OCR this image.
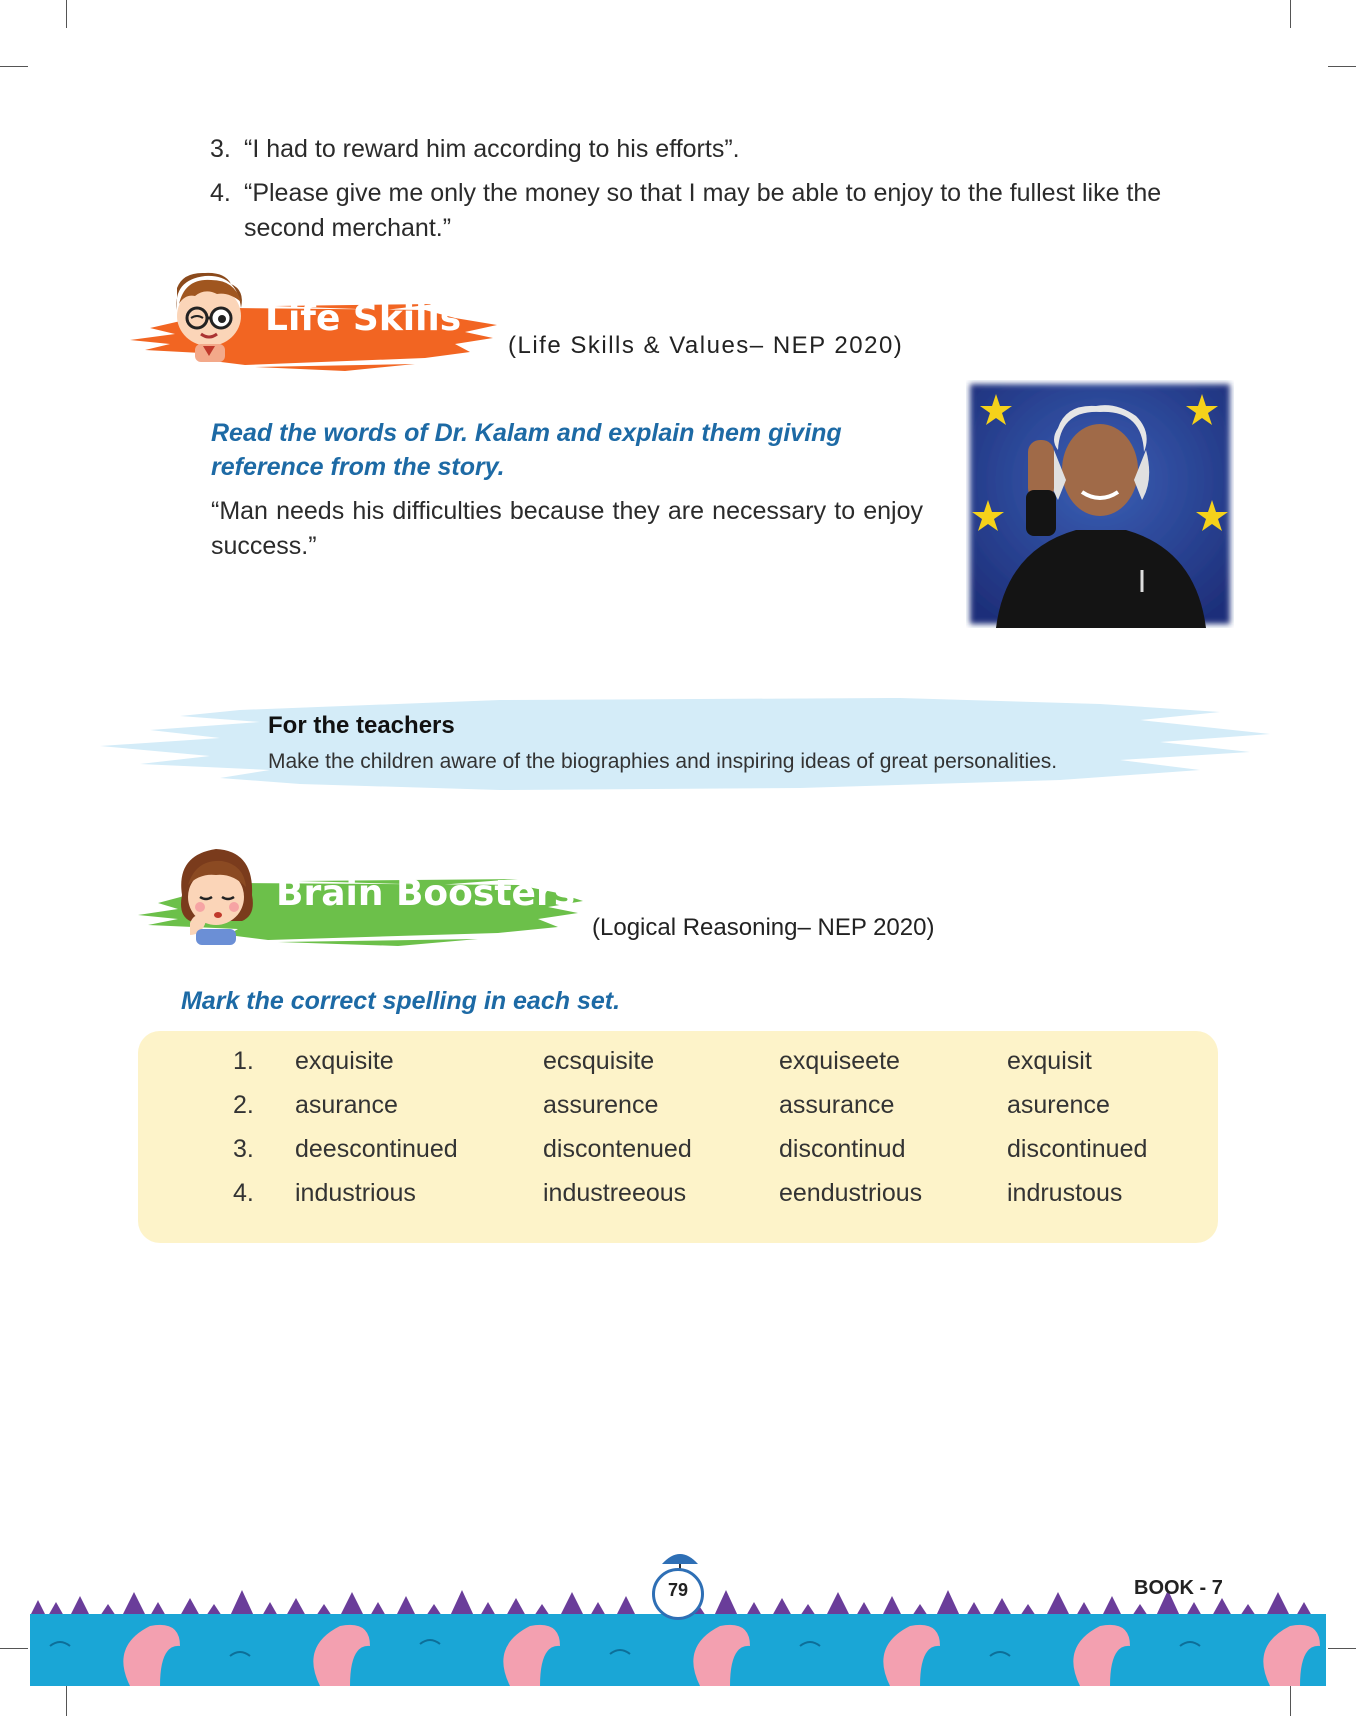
3. “I had to reward him according to his efforts”.
4. “Please give me only the money so that I may be able to enjoy to the fullest like the second merchant.”
Life Skills
(Life Skills & Values– NEP 2020)
Read the words of Dr. Kalam and explain them giving reference from the story.
“Man needs his difficulties because they are necessary to enjoy success.”
For the teachers
Make the children aware of the biographies and inspiring ideas of great personalities.
Brain Boosters
(Logical Reasoning– NEP 2020)
Mark the correct spelling in each set.
1. exquisite	ecsquisite	exquiseete	exquisit
2. asurance	assurence	assurance	asurence
3. deescontinued	discontenued	discontinud	discontinued
4. industrious	industreeous	eendustrious	indrustous
79	BOOK - 7
